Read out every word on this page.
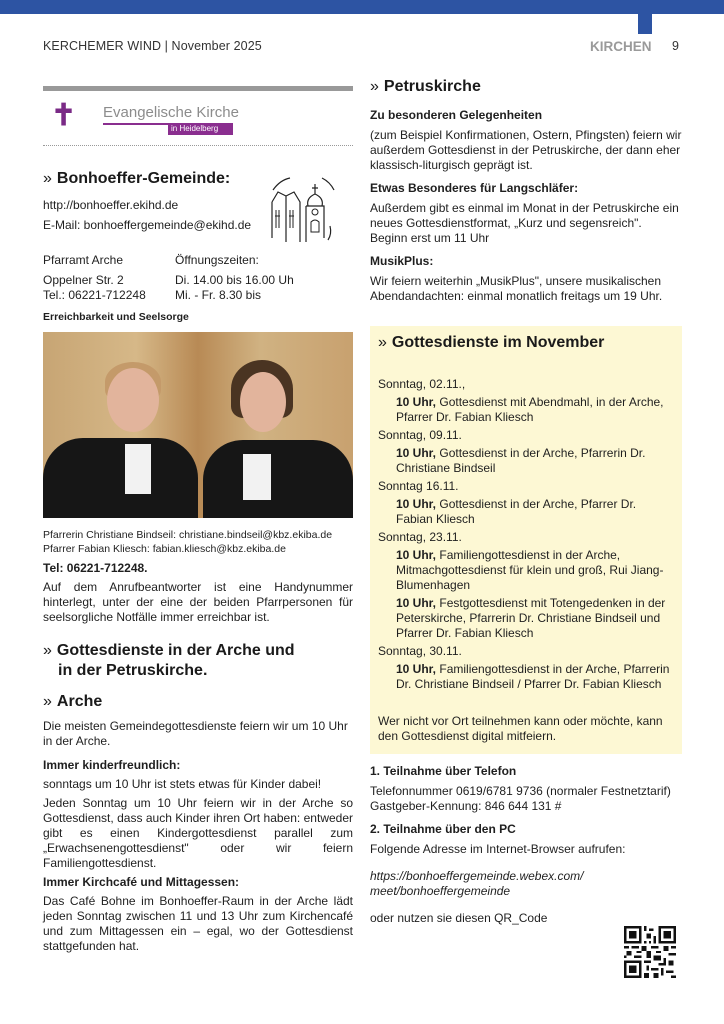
KERCHEMER WIND | November 2025	KIRCHEN 9
✝ Evangelische Kirche
in Heidelberg
» Bonhoeffer-Gemeinde:

http://bonhoeffer.ekihd.de

E-Mail: bonhoeffergemeinde@ekihd.de

Pfarramt Arche
Oppelner Str. 2
Tel.: 06221-712248
Öffnungszeiten:
Di. 14.00 bis 16.00 Uh
Mi. - Fr. 8.30 bis

Erreichbarkeit und Seelsorge

Pfarrerin Christiane Bindseil: christiane.bindseil@kbz.ekiba.de

Pfarrer Fabian Kliesch: fabian.kliesch@kbz.ekiba.de

Tel: 06221-712248.

Auf dem Anrufbeantworter ist eine Handynummer hinterlegt, unter der eine der beiden Pfarrpersonen für seelsorgliche Notfälle immer erreichbar ist.

» Gottesdienste in der Arche und
in der Petruskirche.
» Arche

Die meisten Gemeindegottesdienste feiern wir um 10 Uhr in der Arche.

Immer kinderfreundlich:

sonntags um 10 Uhr ist stets etwas für Kinder dabei!

Jeden Sonntag um 10 Uhr feiern wir in der Arche so Gottesdienst, dass auch Kinder ihren Ort haben: entweder gibt es einen Kindergottesdienst parallel zum „Erwachsenengottesdienst" oder wir feiern Familiengottesdienst.

Immer Kirchcafé und Mittagessen:

Das Café Bohne im Bonhoeffer-Raum in der Arche lädt jeden Sonntag zwischen 11 und 13 Uhr zum Kirchencafé und zum Mittagessen ein – egal, wo der Gottesdienst stattgefunden hat.

» Petruskirche

Zu besonderen Gelegenheiten

(zum Beispiel Konfirmationen, Ostern, Pfingsten) feiern wir außerdem Gottesdienst in der Petruskirche, der dann eher klassisch-liturgisch geprägt ist.

Etwas Besonderes für Langschläfer:

Außerdem gibt es einmal im Monat in der Petruskirche ein neues Gottesdienstformat, „Kurz und segensreich". Beginn erst um 11 Uhr

MusikPlus:

Wir feiern weiterhin „MusikPlus", unsere musikalischen Abendandachten: einmal monatlich freitags um 19 Uhr.

» Gottesdienste im November
Sonntag, 02.11.,
10 Uhr, Gottesdienst mit Abendmahl, in der Arche, Pfarrer Dr. Fabian Kliesch
Sonntag, 09.11.
10 Uhr, Gottesdienst in der Arche, Pfarrerin Dr. Christiane Bindseil
Sonntag 16.11.
10 Uhr, Gottesdienst in der Arche, Pfarrer Dr. Fabian Kliesch
Sonntag, 23.11.
10 Uhr, Familiengottesdienst in der Arche, Mitmachgottesdienst für klein und groß, Rui Jiang-Blumenhagen
10 Uhr, Festgottesdienst mit Totengedenken in der Peterskirche, Pfarrerin Dr. Christiane Bindseil und Pfarrer Dr. Fabian Kliesch
Sonntag, 30.11.
10 Uhr, Familiengottesdienst in der Arche, Pfarrerin Dr. Christiane Bindseil / Pfarrer Dr. Fabian Kliesch

Wer nicht vor Ort teilnehmen kann oder möchte, kann den Gottesdienst digital mitfeiern.

1. Teilnahme über Telefon

Telefonnummer 0619/6781 9736 (normaler Festnetztarif)

Gastgeber-Kennung: 846 644 131 #

2. Teilnahme über den PC

Folgende Adresse im Internet-Browser aufrufen:

https://bonhoeffergemeinde.webex.com/
meet/bonhoeffergemeinde

oder nutzen sie diesen QR_Code
